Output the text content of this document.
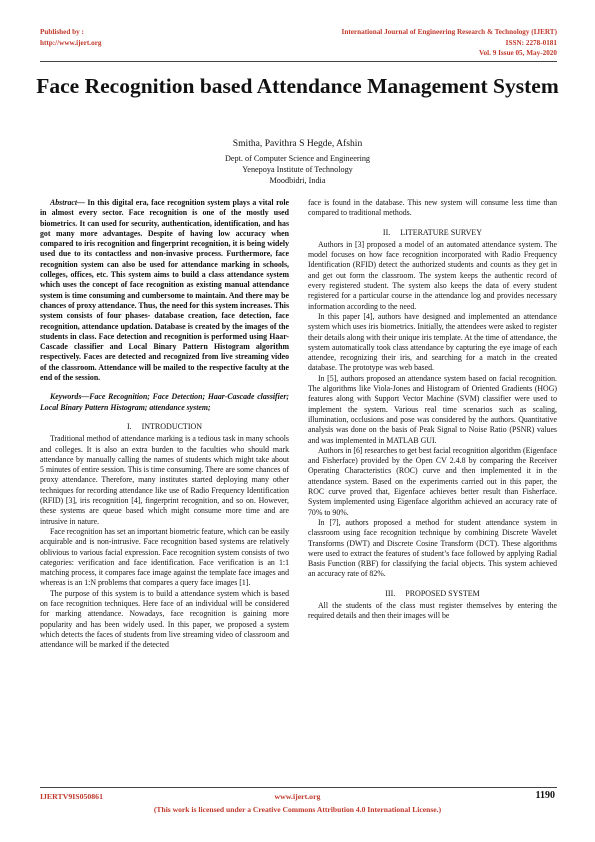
Published by :
http://www.ijert.org
International Journal of Engineering Research & Technology (IJERT)
ISSN: 2278-0181
Vol. 9 Issue 05, May-2020
Face Recognition based Attendance Management System
Smitha, Pavithra S Hegde, Afshin
Dept. of Computer Science and Engineering
Yenepoya Institute of Technology
Moodbidri, India

Abstract— In this digital era, face recognition system plays a vital role in almost every sector. Face recognition is one of the mostly used biometrics. It can used for security, authentication, identification, and has got many more advantages. Despite of having low accuracy when compared to iris recognition and fingerprint recognition, it is being widely used due to its contactless and non-invasive process. Furthermore, face recognition system can also be used for attendance marking in schools, colleges, offices, etc. This system aims to build a class attendance system which uses the concept of face recognition as existing manual attendance system is time consuming and cumbersome to maintain. And there may be chances of proxy attendance. Thus, the need for this system increases. This system consists of four phases- database creation, face detection, face recognition, attendance updation. Database is created by the images of the students in class. Face detection and recognition is performed using Haar-Cascade classifier and Local Binary Pattern Histogram algorithm respectively. Faces are detected and recognized from live streaming video of the classroom. Attendance will be mailed to the respective faculty at the end of the session.

Keywords—Face Recognition; Face Detection; Haar-Cascade classifier; Local Binary Pattern Histogram; attendance system;

I.     INTRODUCTION

Traditional method of attendance marking is a tedious task in many schools and colleges. It is also an extra burden to the faculties who should mark attendance by manually calling the names of students which might take about 5 minutes of entire session. This is time consuming. There are some chances of proxy attendance. Therefore, many institutes started deploying many other techniques for recording attendance like use of Radio Frequency Identification (RFID) [3], iris recognition [4], fingerprint recognition, and so on. However, these systems are queue based which might consume more time and are intrusive in nature.

Face recognition has set an important biometric feature, which can be easily acquirable and is non-intrusive. Face recognition based systems are relatively oblivious to various facial expression. Face recognition system consists of two categories: verification and face identification. Face verification is an 1:1 matching process, it compares face image against the template face images and whereas is an 1:N problems that compares a query face images [1].

The purpose of this system is to build a attendance system which is based on face recognition techniques. Here face of an individual will be considered for marking attendance. Nowadays, face recognition is gaining more popularity and has been widely used. In this paper, we proposed a system which detects the faces of students from live streaming video of classroom and attendance will be marked if the detected

face is found in the database. This new system will consume less time than compared to traditional methods.

II.     LITERATURE SURVEY

Authors in [3] proposed a model of an automated attendance system. The model focuses on how face recognition incorporated with Radio Frequency Identification (RFID) detect the authorized students and counts as they get in and get out form the classroom. The system keeps the authentic record of every registered student. The system also keeps the data of every student registered for a particular course in the attendance log and provides necessary information according to the need.

In this paper [4], authors have designed and implemented an attendance system which uses iris biometrics. Initially, the attendees were asked to register their details along with their unique iris template. At the time of attendance, the system automatically took class attendance by capturing the eye image of each attendee, recognizing their iris, and searching for a match in the created database. The prototype was web based.

In [5], authors proposed an attendance system based on facial recognition. The algorithms like Viola-Jones and Histogram of Oriented Gradients (HOG) features along with Support Vector Machine (SVM) classifier were used to implement the system. Various real time scenarios such as scaling, illumination, occlusions and pose was considered by the authors. Quantitative analysis was done on the basis of Peak Signal to Noise Ratio (PSNR) values and was implemented in MATLAB GUI.

Authors in [6] researches to get best facial recognition algorithm (Eigenface and Fisherface) provided by the Open CV 2.4.8 by comparing the Receiver Operating Characteristics (ROC) curve and then implemented it in the attendance system. Based on the experiments carried out in this paper, the ROC curve proved that, Eigenface achieves better result than Fisherface. System implemented using Eigenface algorithm achieved an accuracy rate of 70% to 90%.

In [7], authors proposed a method for student attendance system in classroom using face recognition technique by combining Discrete Wavelet Transforms (DWT) and Discrete Cosine Transform (DCT). These algorithms were used to extract the features of student’s face followed by applying Radial Basis Function (RBF) for classifying the facial objects. This system achieved an accuracy rate of 82%.

III.     PROPOSED SYSTEM

All the students of the class must register themselves by entering the required details and then their images will be

IJERTV9IS050861	www.ijert.org	1190
(This work is licensed under a Creative Commons Attribution 4.0 International License.)
